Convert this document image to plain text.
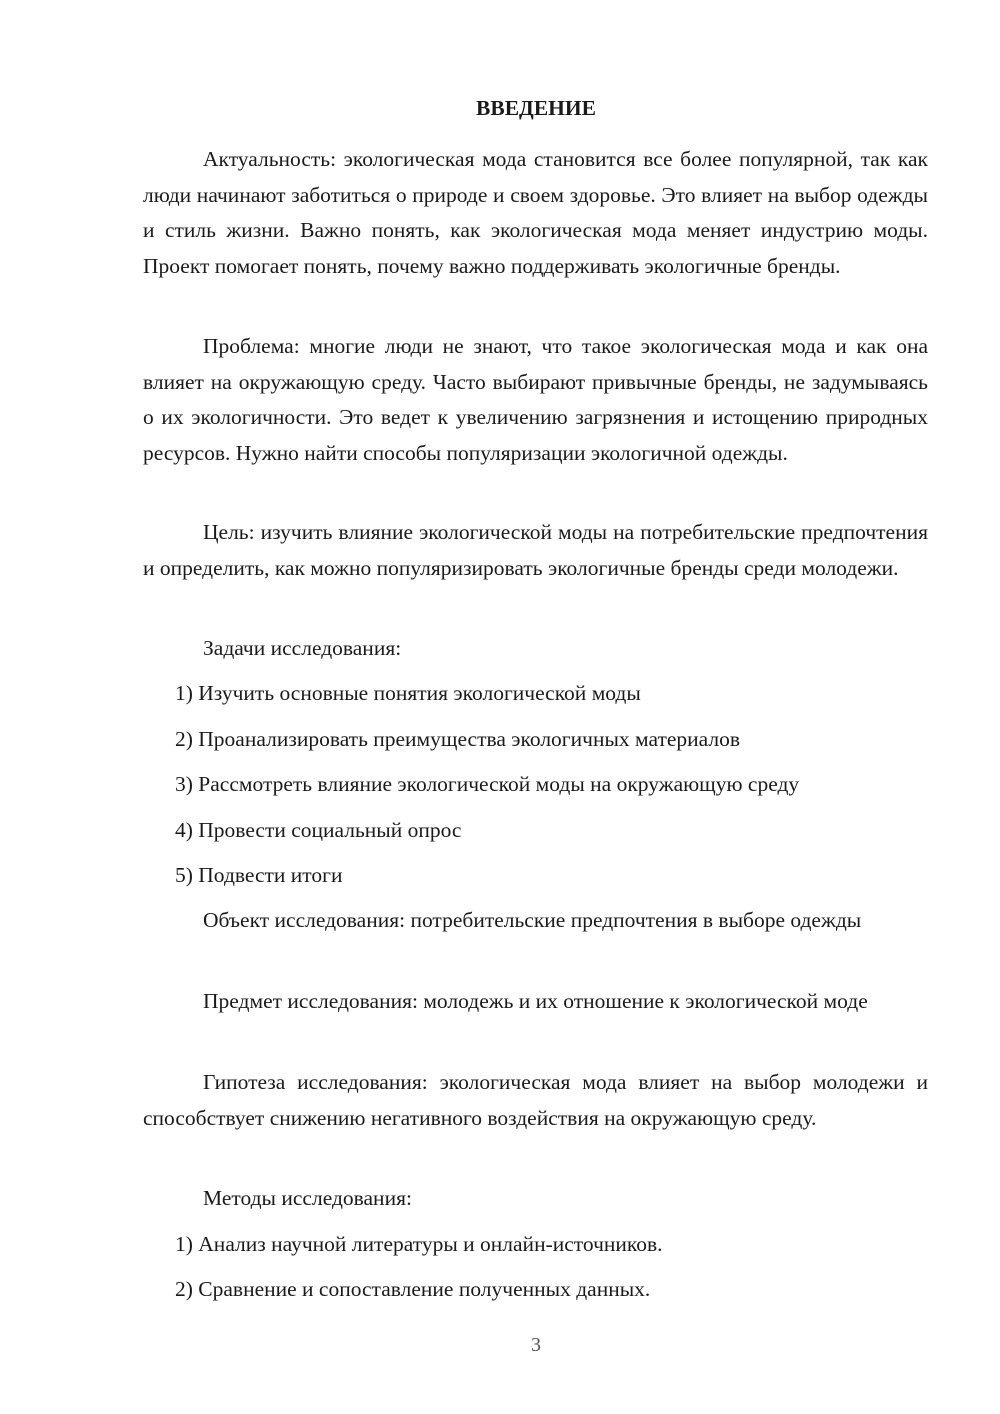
ВВЕДЕНИЕ

Актуальность: экологическая мода становится все более популярной, так как люди начинают заботиться о природе и своем здоровье. Это влияет на выбор одежды и стиль жизни. Важно понять, как экологическая мода меняет индустрию моды. Проект помогает понять, почему важно поддерживать экологичные бренды.

Проблема: многие люди не знают, что такое экологическая мода и как она влияет на окружающую среду. Часто выбирают привычные бренды, не задумываясь о их экологичности. Это ведет к увеличению загрязнения и истощению природных ресурсов. Нужно найти способы популяризации экологичной одежды.

Цель: изучить влияние экологической моды на потребительские предпочтения и определить, как можно популяризировать экологичные бренды среди молодежи.

Задачи исследования:

1) Изучить основные понятия экологической моды

2) Проанализировать преимущества экологичных материалов

3) Рассмотреть влияние экологической моды на окружающую среду

4) Провести социальный опрос

5) Подвести итоги

Объект исследования: потребительские предпочтения в выборе одежды

Предмет исследования: молодежь и их отношение к экологической моде

Гипотеза исследования: экологическая мода влияет на выбор молодежи и способствует снижению негативного воздействия на окружающую среду.

Методы исследования:

1) Анализ научной литературы и онлайн-источников.

2) Сравнение и сопоставление полученных данных.

3
